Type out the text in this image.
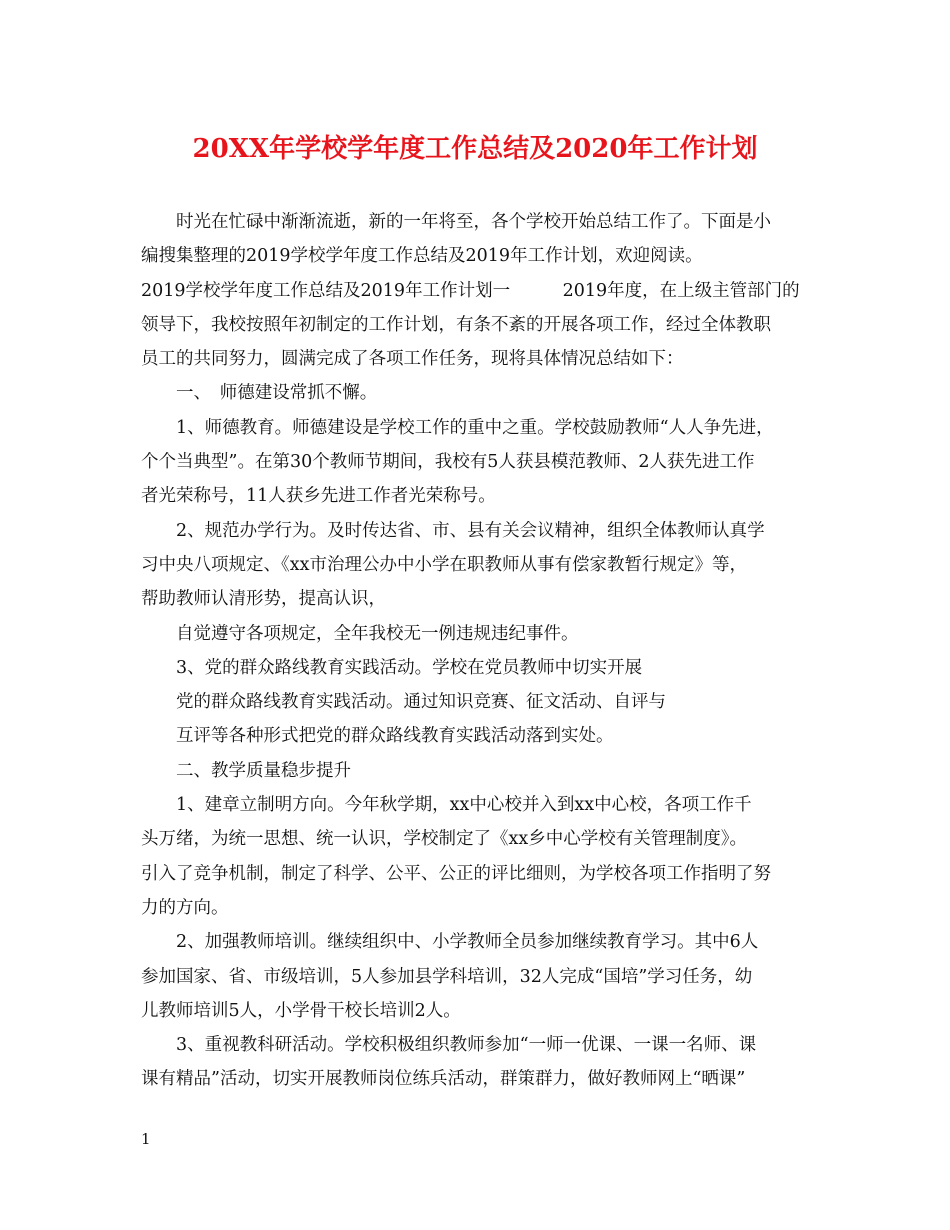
20XX年学校学年度工作总结及2020年工作计划
时光在忙碌中渐渐流逝，新的一年将至，各个学校开始总结工作了。下面是小
编搜集整理的2019学校学年度工作总结及2019年工作计划，欢迎阅读。
2019学校学年度工作总结及2019年工作计划一　　　2019年度，在上级主管部门的
领导下，我校按照年初制定的工作计划，有条不紊的开展各项工作，经过全体教职
员工的共同努力，圆满完成了各项工作任务，现将具体情况总结如下：
一、　师德建设常抓不懈。
1、师德教育。师德建设是学校工作的重中之重。学校鼓励教师“人人争先进，
个个当典型”。在第30个教师节期间，我校有5人获县模范教师、2人获先进工作
者光荣称号，11人获乡先进工作者光荣称号。
2、规范办学行为。及时传达省、市、县有关会议精神，组织全体教师认真学
习中央八项规定、《xx市治理公办中小学在职教师从事有偿家教暂行规定》等，
帮助教师认清形势，提高认识，
自觉遵守各项规定，全年我校无一例违规违纪事件。
3、党的群众路线教育实践活动。学校在党员教师中切实开展
党的群众路线教育实践活动。通过知识竞赛、征文活动、自评与
互评等各种形式把党的群众路线教育实践活动落到实处。
二、教学质量稳步提升
1、建章立制明方向。今年秋学期，xx中心校并入到xx中心校，各项工作千
头万绪，为统一思想、统一认识，学校制定了《xx乡中心学校有关管理制度》。
引入了竞争机制，制定了科学、公平、公正的评比细则，为学校各项工作指明了努
力的方向。
2、加强教师培训。继续组织中、小学教师全员参加继续教育学习。其中6人
参加国家、省、市级培训，5人参加县学科培训，32人完成“国培”学习任务，幼
儿教师培训5人，小学骨干校长培训2人。
3、重视教科研活动。学校积极组织教师参加“一师一优课、一课一名师、课
课有精品”活动，切实开展教师岗位练兵活动，群策群力，做好教师网上“晒课”
1
